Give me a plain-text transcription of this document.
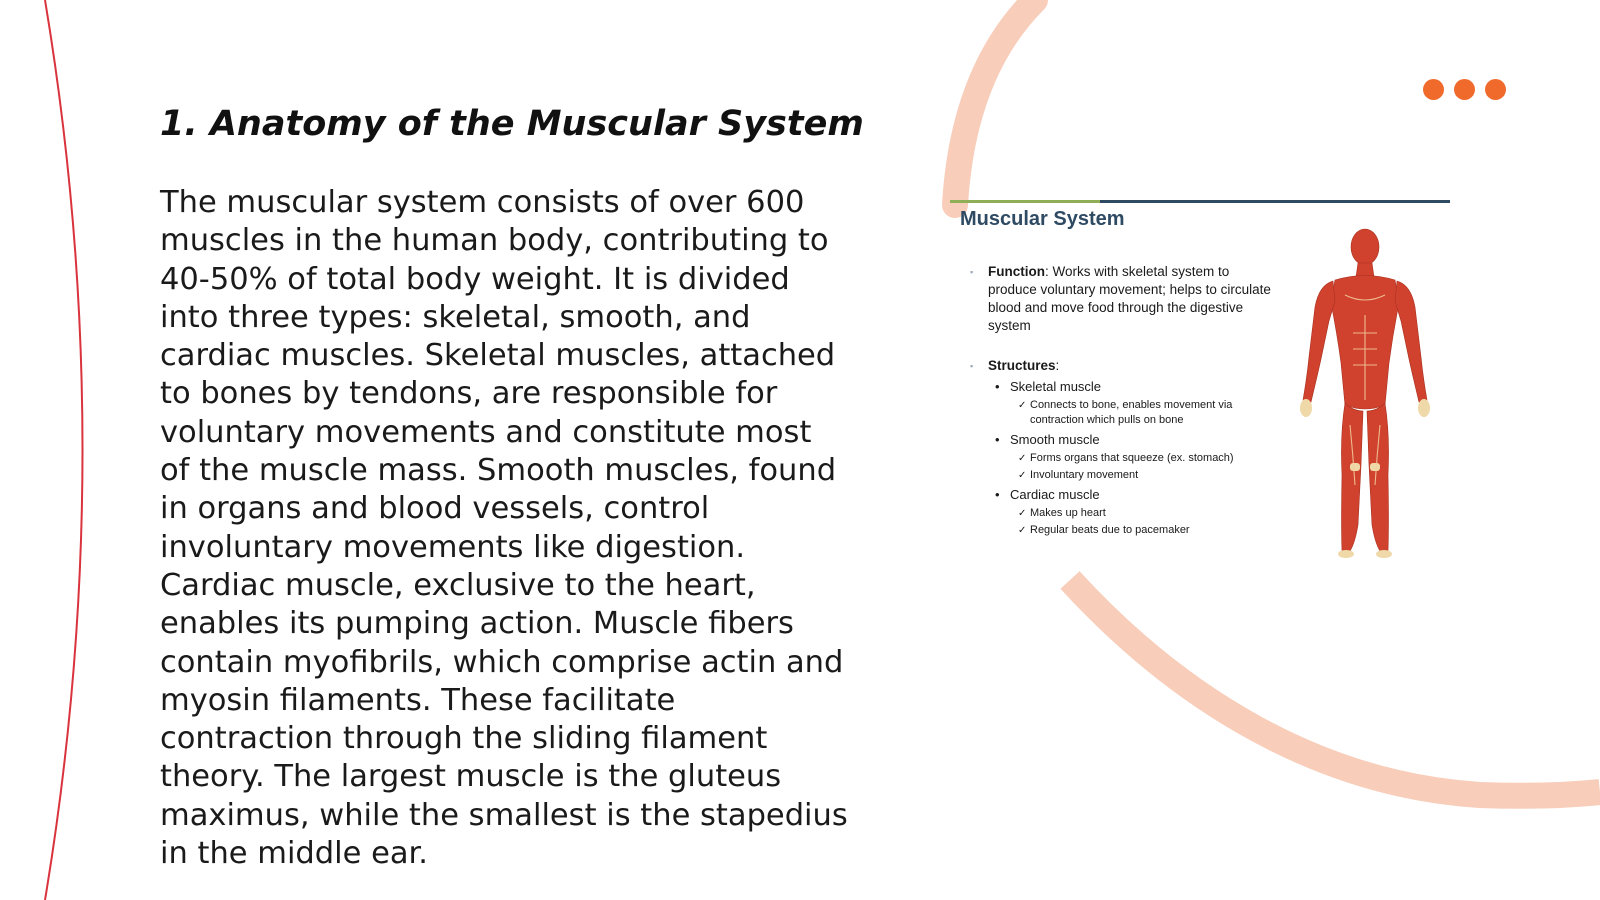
1. Anatomy of the Muscular System

The muscular system consists of over 600 muscles in the human body, contributing to 40-50% of total body weight. It is divided into three types: skeletal, smooth, and cardiac muscles. Skeletal muscles, attached to bones by tendons, are responsible for voluntary movements and constitute most of the muscle mass. Smooth muscles, found in organs and blood vessels, control involuntary movements like digestion. Cardiac muscle, exclusive to the heart, enables its pumping action. Muscle fibers contain myofibrils, which comprise actin and myosin filaments. These facilitate contraction through the sliding filament theory. The largest muscle is the gluteus maximus, while the smallest is the stapedius in the middle ear.

Muscular System
▪ Function: Works with skeletal system to produce voluntary movement; helps to circulate blood and move food through the digestive system
▪ Structures:
• Skeletal muscle
✓ Connects to bone, enables movement via contraction which pulls on bone
• Smooth muscle
✓ Forms organs that squeeze (ex. stomach)
✓ Involuntary movement
• Cardiac muscle
✓ Makes up heart
✓ Regular beats due to pacemaker
